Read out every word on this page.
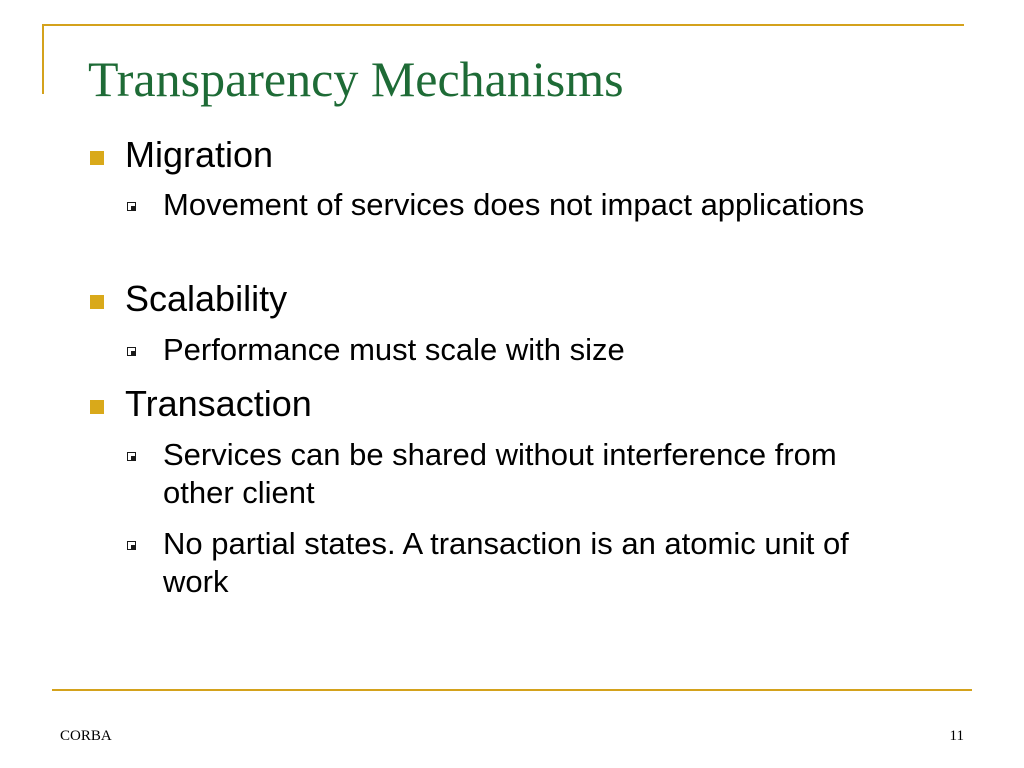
Transparency Mechanisms

Migration

Movement of services does not impact applications

Scalability

Performance must scale with size

Transaction

Services can be shared without interference from other client

No partial states. A transaction is an atomic unit of work

CORBA	11
